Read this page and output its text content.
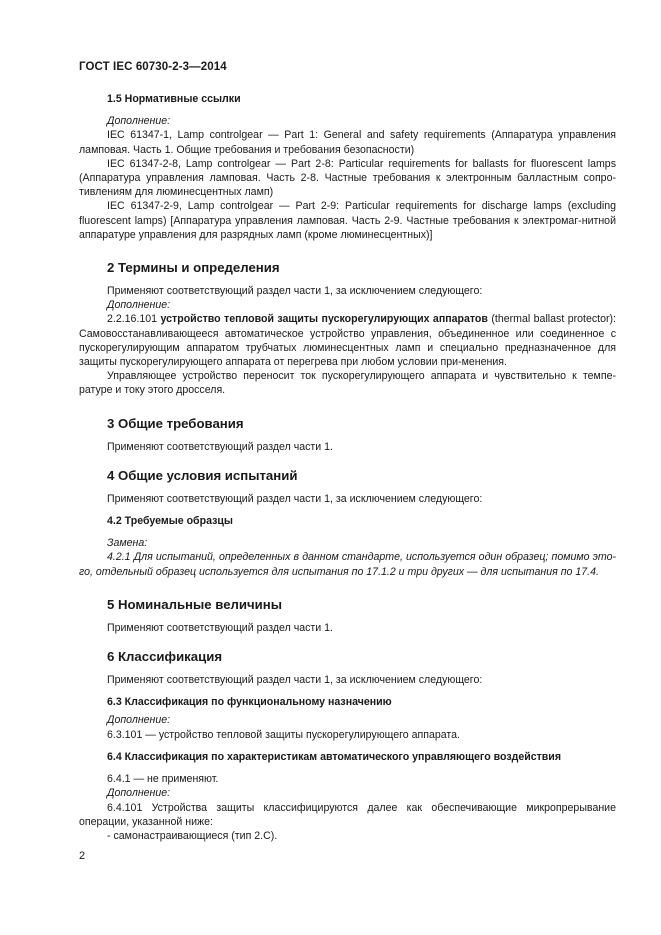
ГОСТ IEC 60730-2-3—2014

1.5 Нормативные ссылки

Дополнение:

IEC 61347-1, Lamp controlgear — Part 1: General and safety requirements (Аппаратура управления ламповая. Часть 1. Общие требования и требования безопасности)

IEC 61347-2-8, Lamp controlgear — Part 2-8: Particular requirements for ballasts for fluorescent lamps (Аппаратура управления ламповая. Часть 2-8. Частные требования к электронным балластным сопро-тивлениям для люминесцентных ламп)

IEC 61347-2-9, Lamp controlgear — Part 2-9: Particular requirements for discharge lamps (excluding fluorescent lamps) [Аппаратура управления ламповая. Часть 2-9. Частные требования к электромаг-нитной аппаратуре управления для разрядных ламп (кроме люминесцентных)]

2 Термины и определения

Применяют соответствующий раздел части 1, за исключением следующего:

Дополнение:

2.2.16.101 устройство тепловой защиты пускорегулирующих аппаратов (thermal ballast protector): Самовосстанавливающееся автоматическое устройство управления, объединенное или соединенное с пускорегулирующим аппаратом трубчатых люминесцентных ламп и специально предназначенное для защиты пускорегулирующего аппарата от перегрева при любом условии при-менения.

Управляющее устройство переносит ток пускорегулирующего аппарата и чувствительно к темпе-ратуре и току этого дросселя.

3 Общие требования

Применяют соответствующий раздел части 1.

4 Общие условия испытаний

Применяют соответствующий раздел части 1, за исключением следующего:

4.2 Требуемые образцы

Замена:

4.2.1 Для испытаний, определенных в данном стандарте, используется один образец; помимо это-го, отдельный образец используется для испытания по 17.1.2 и три других — для испытания по 17.4.

5 Номинальные величины

Применяют соответствующий раздел части 1.

6 Классификация

Применяют соответствующий раздел части 1, за исключением следующего:

6.3 Классификация по функциональному назначению

Дополнение:

6.3.101 — устройство тепловой защиты пускорегулирующего аппарата.

6.4 Классификация по характеристикам автоматического управляющего воздействия

6.4.1 — не применяют.

Дополнение:

6.4.101 Устройства защиты классифицируются далее как обеспечивающие микропрерывание операции, указанной ниже:

- самонастраивающиеся (тип 2.С).

2
